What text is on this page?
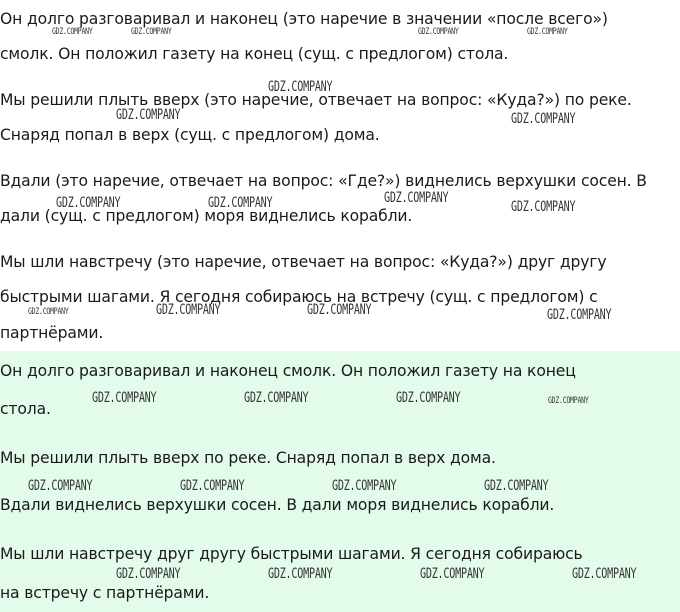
Он долго разговаривал и наконец (это наречие в значении «после всего»)
смолк. Он положил газету на конец (сущ. с предлогом) стола.
Мы решили плыть вверх (это наречие, отвечает на вопрос: «Куда?») по реке.
Снаряд попал в верх (сущ. с предлогом) дома.
Вдали (это наречие, отвечает на вопрос: «Где?») виднелись верхушки сосен. В
дали (сущ. с предлогом) моря виднелись корабли.
Мы шли навстречу (это наречие, отвечает на вопрос: «Куда?») друг другу
быстрыми шагами. Я сегодня собираюсь на встречу (сущ. с предлогом) с
партнёрами.
Он долго разговаривал и наконец смолк. Он положил газету на конец
стола.
Мы решили плыть вверх по реке. Снаряд попал в верх дома.
Вдали виднелись верхушки сосен. В дали моря виднелись корабли.
Мы шли навстречу друг другу быстрыми шагами. Я сегодня собираюсь
на встречу с партнёрами.
GDZ.COMPANY	GDZ.COMPANY	GDZ.COMPANY	GDZ.COMPANY
GDZ.COMPANY
GDZ.COMPANY	GDZ.COMPANY
GDZ.COMPANY
GDZ.COMPANY	GDZ.COMPANY	GDZ.COMPANY
GDZ.COMPANY	GDZ.COMPANY	GDZ.COMPANY	GDZ.COMPANY
GDZ.COMPANY	GDZ.COMPANY	GDZ.COMPANY	GDZ.COMPANY
GDZ.COMPANY	GDZ.COMPANY	GDZ.COMPANY	GDZ.COMPANY
GDZ.COMPANY	GDZ.COMPANY	GDZ.COMPANY	GDZ.COMPANY
